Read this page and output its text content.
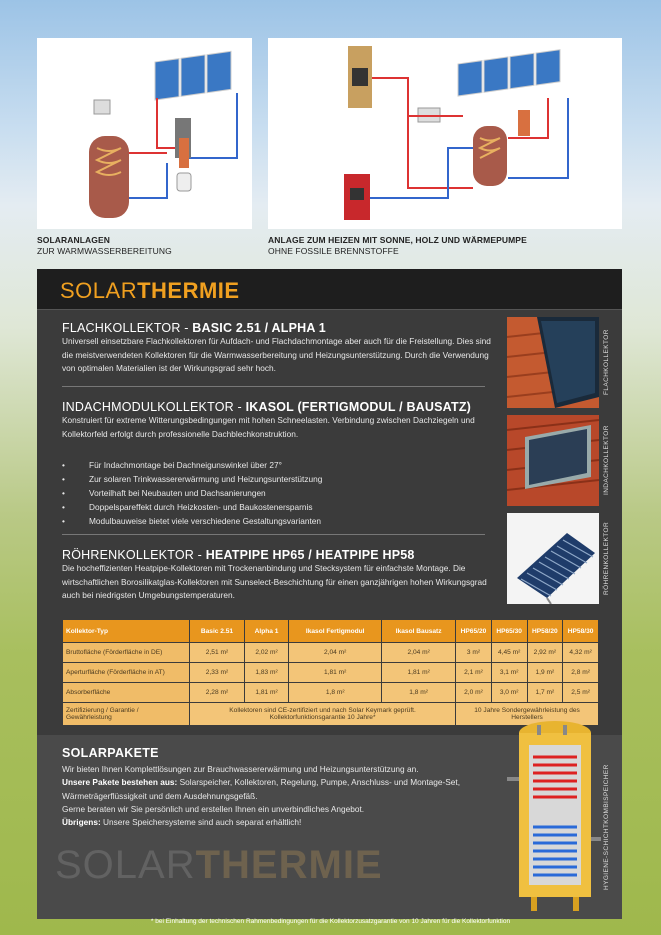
SOLARANLAGEN
ZUR WARMWASSERBEREITUNG
ANLAGE ZUM HEIZEN MIT SONNE, HOLZ UND WÄRMEPUMPE
OHNE FOSSILE BRENNSTOFFE
SOLARTHERMIE
FLACHKOLLEKTOR - BASIC 2.51 / ALPHA 1
Universell einsetzbare Flachkollektoren für Aufdach- und Flachdachmontage aber auch für die Freistellung. Dies sind die meistverwendeten Kollektoren für die Warmwasserbereitung und Heizungsunterstützung. Durch die Verwendung von optimalen Materialien ist der Wirkungsgrad sehr hoch.
INDACHMODULKOLLEKTOR - IKASOL (FERTIGMODUL / BAUSATZ)
Konstruiert für extreme Witterungsbedingungen mit hohen Schneelasten. Verbindung zwischen Dachziegeln und Kollektorfeld erfolgt durch professionelle Dachblechkonstruktion.
• Für Indachmontage bei Dachneigunswinkel über 27°
• Zur solaren Trinkwassererwärmung und Heizungsunterstützung
• Vorteilhaft bei Neubauten und Dachsanierungen
• Doppelspareffekt durch Heizkosten- und Baukostenersparnis
• Modulbauweise bietet viele verschiedene Gestaltungsvarianten
RÖHRENKOLLEKTOR - HEATPIPE HP65 / HEATPIPE HP58
Die hocheffizienten Heatpipe-Kollektoren mit Trockenanbindung und Stecksystem für einfachste Montage. Die wirtschaftlichen Borosilikatglas-Kollektoren mit Sunselect-Beschichtung für einen ganzjährigen hohen Wirkungsgrad auch bei niedrigsten Umgebungstemperaturen.
FLACHKOLLEKTOR
INDACHKOLLEKTOR
RÖHRENKOLLEKTOR
Kollektor-Typ	Basic 2.51	Alpha 1	Ikasol Fertigmodul	Ikasol Bausatz	HP65/20	HP65/30	HP58/20	HP58/30
Bruttofläche (Förderfläche in DE)	2,51 m²	2,02 m²	2,04 m²	2,04 m²	3 m²	4,45 m²	2,92 m²	4,32 m²
Aperturfläche (Förderfläche in AT)	2,33 m²	1,83 m²	1,81 m²	1,81 m²	2,1 m²	3,1 m²	1,9 m²	2,8 m²
Absorberfläche	2,28 m²	1,81 m²	1,8 m²	1,8 m²	2,0 m²	3,0 m²	1,7 m²	2,5 m²
Zertifizierung / Garantie / Gewährleistung	Kollektoren sind CE-zertifiziert und nach Solar Keymark geprüft. Kollektorfunktionsgarantie 10 Jahre*				10 Jahre Sondergewährleistung des Herstellers			
SOLARPAKETE
Wir bieten Ihnen Komplettlösungen zur Brauchwassererwärmung und Heizungsunterstützung an.
Unsere Pakete bestehen aus: Solarspeicher, Kollektoren, Regelung, Pumpe, Anschluss- und Montage-Set, Wärmeträgerflüssigkeit und dem Ausdehnungsgefäß.
Gerne beraten wir Sie persönlich und erstellen Ihnen ein unverbindliches Angebot.
Übrigens: Unsere Speichersysteme sind auch separat erhältlich!
SOLARTHERMIE	HYGIENE-SCHICHTKOMBISPEICHER
* bei Einhaltung der technischen Rahmenbedingungen für die Kollektorzusatzgarantie von 10 Jahren für die Kollektorfunktion
